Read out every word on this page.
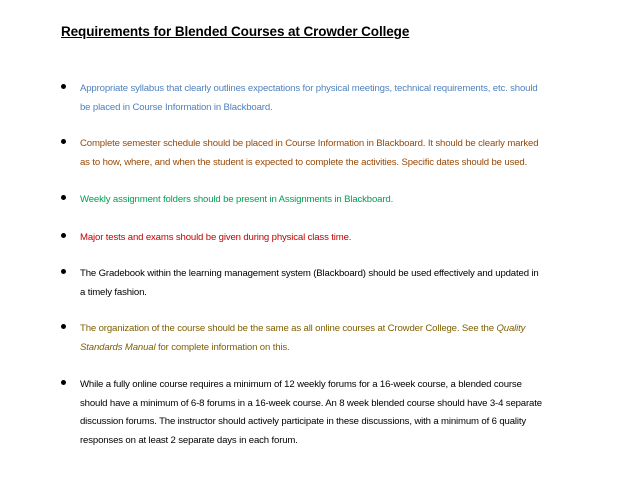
Requirements for Blended Courses at Crowder College

Appropriate syllabus that clearly outlines expectations for physical meetings, technical requirements, etc. should
be placed in Course Information in Blackboard.

Complete semester schedule should be placed in Course Information in Blackboard. It should be clearly marked
as to how, where, and when the student is expected to complete the activities. Specific dates should be used.

Weekly assignment folders should be present in Assignments in Blackboard.

Major tests and exams should be given during physical class time.

The Gradebook within the learning management system (Blackboard) should be used effectively and updated in
a timely fashion.

The organization of the course should be the same as all online courses at Crowder College. See the Quality
Standards Manual for complete information on this.

While a fully online course requires a minimum of 12 weekly forums for a 16-week course, a blended course
should have a minimum of 6-8 forums in a 16-week course. An 8 week blended course should have 3-4 separate
discussion forums. The instructor should actively participate in these discussions, with a minimum of 6 quality
responses on at least 2 separate days in each forum.
